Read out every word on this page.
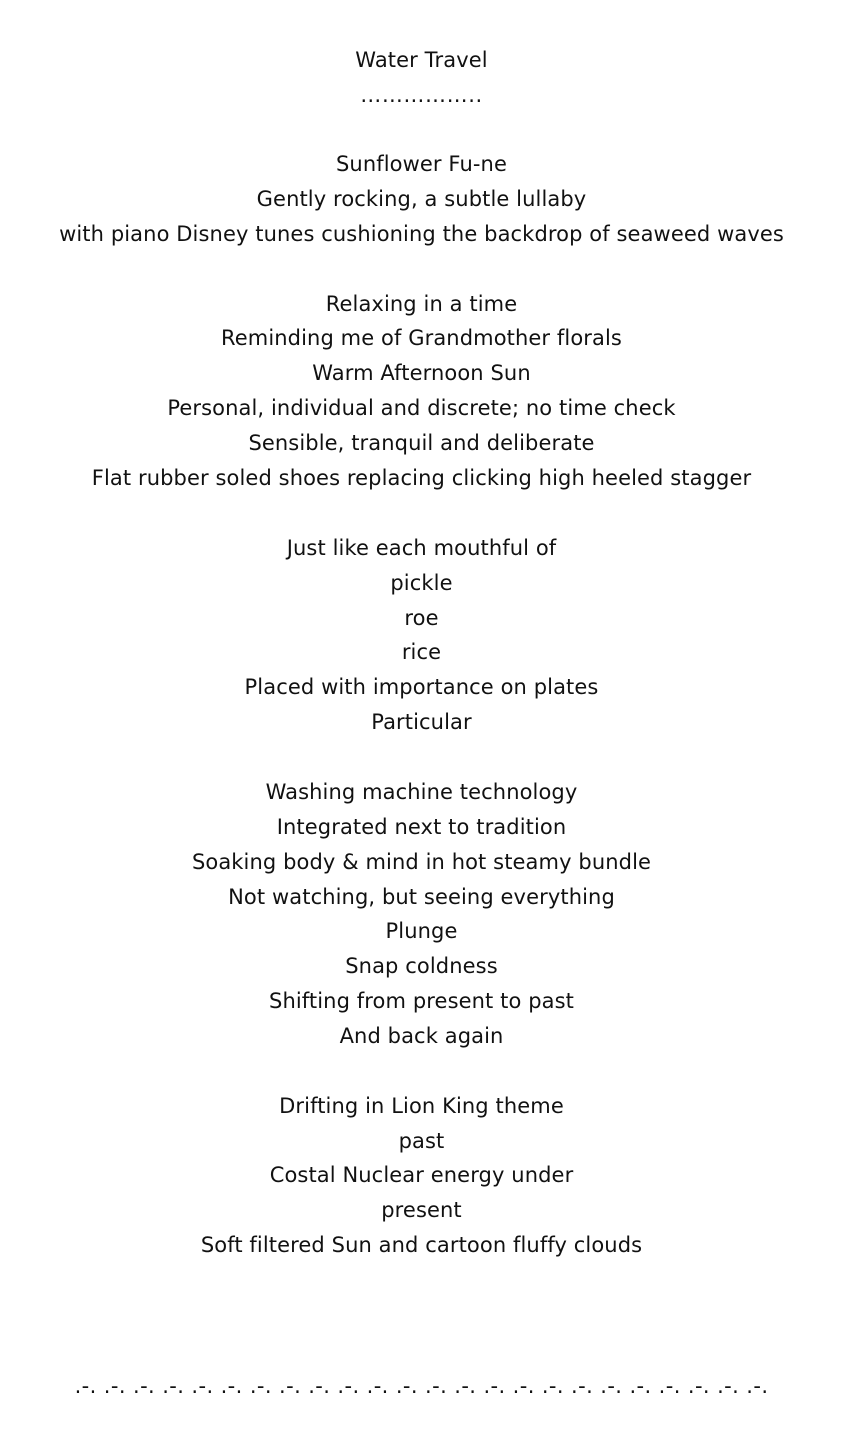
Water Travel
……………..
Sunflower Fu-ne
Gently rocking, a subtle lullaby
with piano Disney tunes cushioning the backdrop of seaweed waves
Relaxing in a time
Reminding me of Grandmother florals
Warm Afternoon Sun
Personal, individual and discrete; no time check
Sensible, tranquil and deliberate
Flat rubber soled shoes replacing clicking high heeled stagger
Just like each mouthful of
pickle
roe
rice
Placed with importance on plates
Particular
Washing machine technology
Integrated next to tradition
Soaking body & mind in hot steamy bundle
Not watching, but seeing everything
Plunge
Snap coldness
Shifting from present to past
And back again
Drifting in Lion King theme
past
Costal Nuclear energy under
present
Soft filtered Sun and cartoon fluffy clouds
.-. .-. .-. .-. .-. .-. .-. .-. .-. .-. .-. .-. .-. .-. .-. .-. .-. .-. .-. .-. .-. .-. .-. .-.
